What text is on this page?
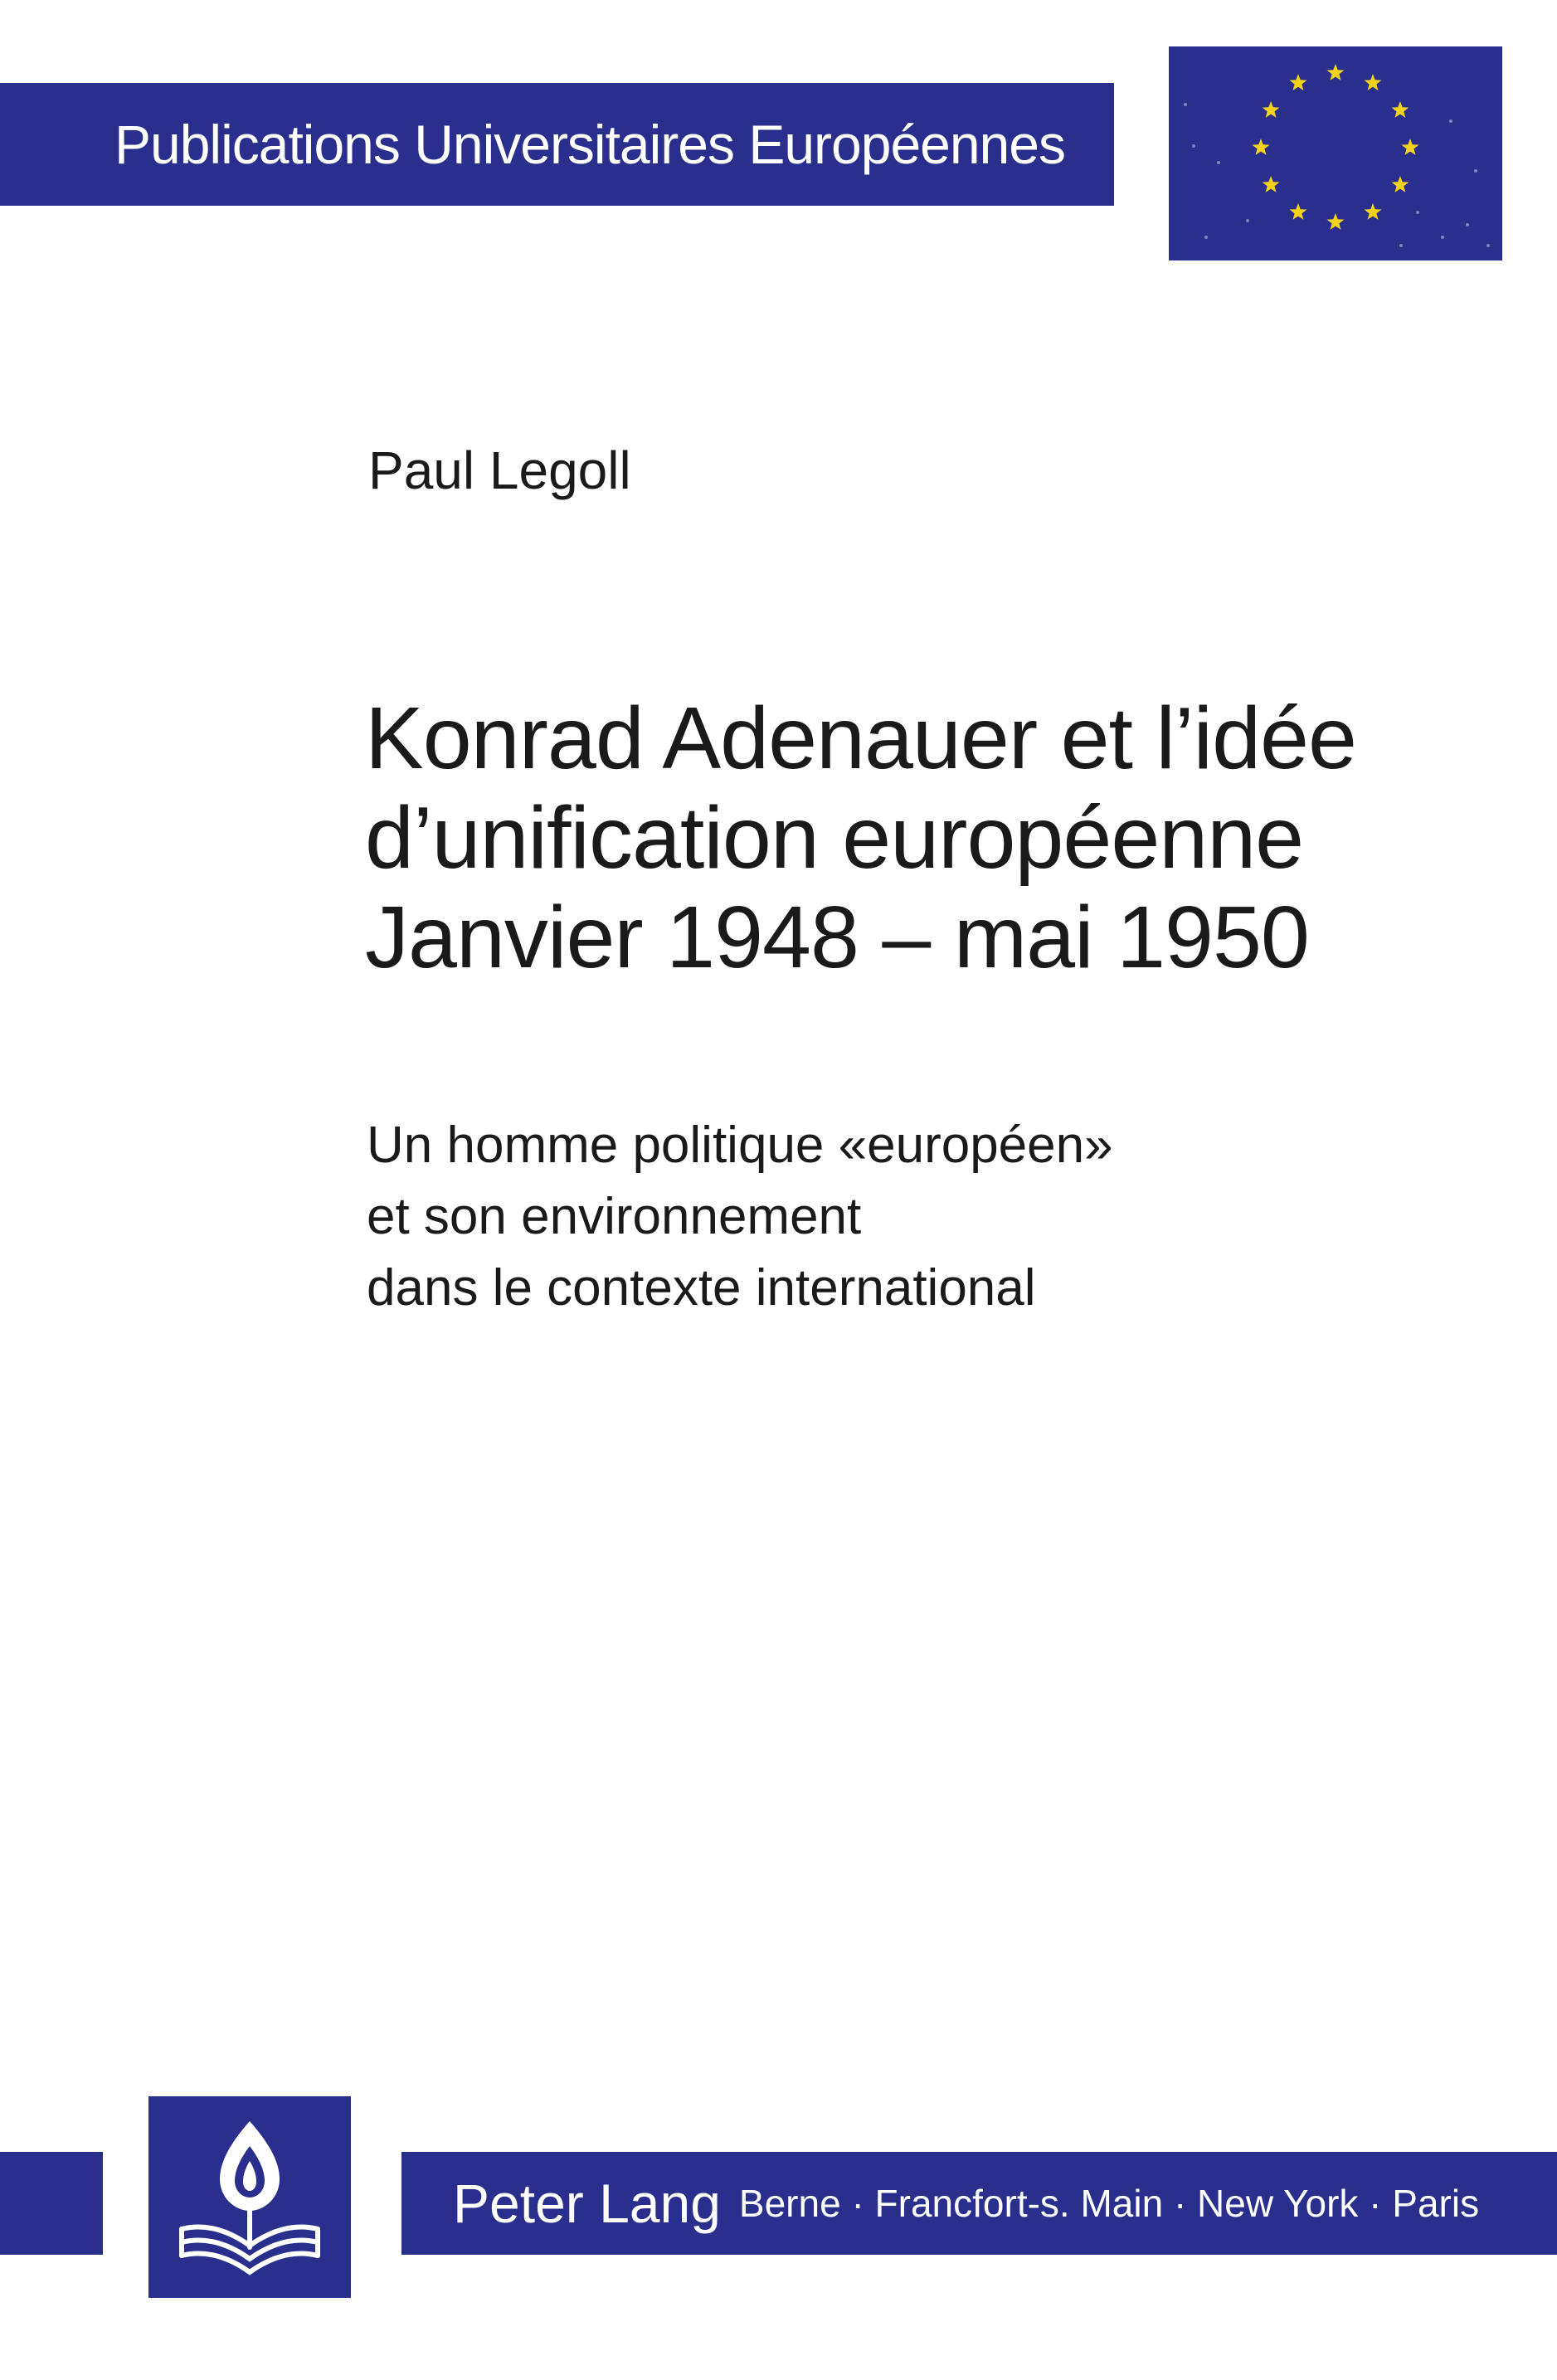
Publications Universitaires Européennes
Paul Legoll
Konrad Adenauer et l’idée
d’unification européenne
Janvier 1948 – mai 1950
Un homme politique «européen»
et son environnement
dans le contexte international
Peter Lang Berne · Francfort-s. Main · New York · Paris
